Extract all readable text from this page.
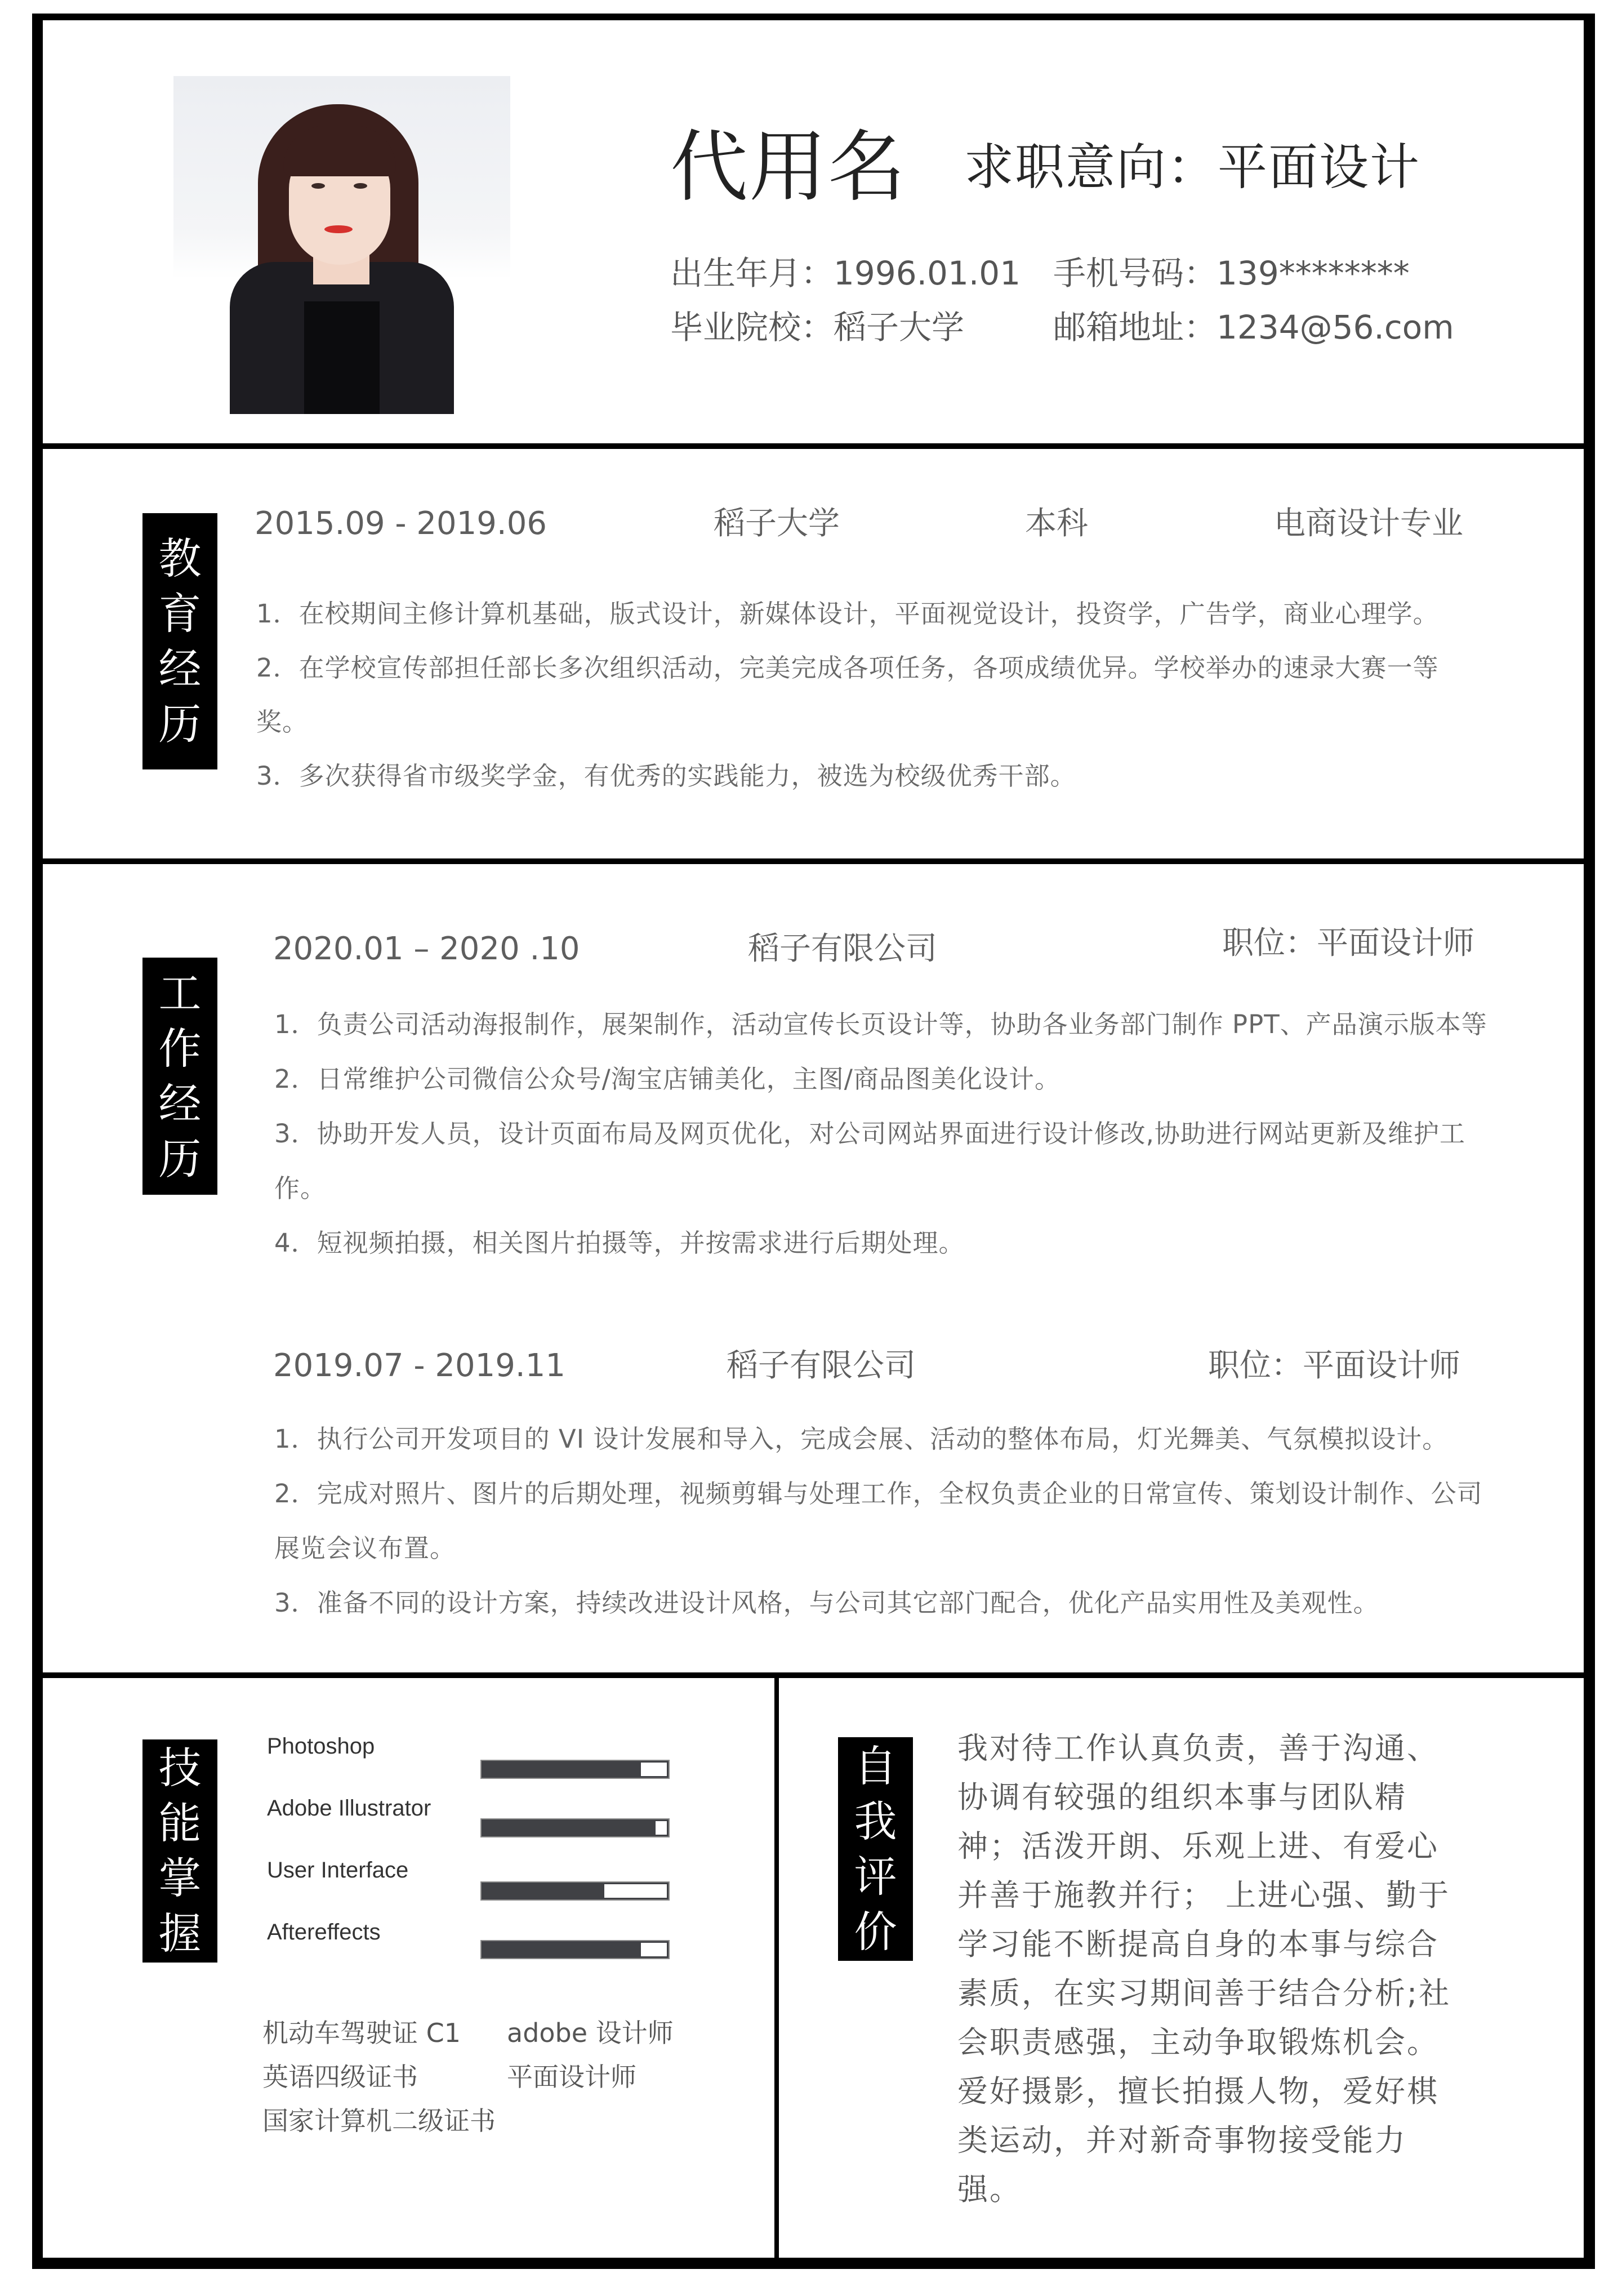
代用名 求职意向：平面设计
出生年月：1996.01.01
毕业院校：稻子大学
手机号码：139********
邮箱地址：1234@56.com
教
育
经
历
2015.09 - 2019.06	稻子大学	本科	电商设计专业
1．在校期间主修计算机基础，版式设计，新媒体设计，平面视觉设计，投资学，广告学，商业心理学。
2．在学校宣传部担任部长多次组织活动，完美完成各项任务，各项成绩优异。学校举办的速录大赛一等奖。
3．多次获得省市级奖学金，有优秀的实践能力，被选为校级优秀干部。
工
作
经
历
2020.01 – 2020 .10	稻子有限公司	职位：平面设计师
1．负责公司活动海报制作，展架制作，活动宣传长页设计等，协助各业务部门制作 PPT、产品演示版本等
2．日常维护公司微信公众号/淘宝店铺美化，主图/商品图美化设计。
3．协助开发人员，设计页面布局及网页优化，对公司网站界面进行设计修改,协助进行网站更新及维护工作。
4．短视频拍摄，相关图片拍摄等，并按需求进行后期处理。
2019.07 - 2019.11	稻子有限公司	职位：平面设计师
1．执行公司开发项目的 VI 设计发展和导入，完成会展、活动的整体布局，灯光舞美、气氛模拟设计。
2．完成对照片、图片的后期处理，视频剪辑与处理工作，全权负责企业的日常宣传、策划设计制作、公司展览会议布置。
3．准备不同的设计方案，持续改进设计风格，与公司其它部门配合，优化产品实用性及美观性。
技
能
掌
握
Photoshop
Adobe Illustrator
User Interface
Aftereffects
机动车驾驶证 C1 adobe 设计师
英语四级证书	平面设计师
国家计算机二级证书
自
我
评
价
我对待工作认真负责，善于沟通、协调有较强的组织本事与团队精神；活泼开朗、乐观上进、有爱心并善于施教并行； 上进心强、勤于学习能不断提高自身的本事与综合素质，在实习期间善于结合分析;社会职责感强，主动争取锻炼机会。 爱好摄影，擅长拍摄人物，爱好棋类运动，并对新奇事物接受能力强。
